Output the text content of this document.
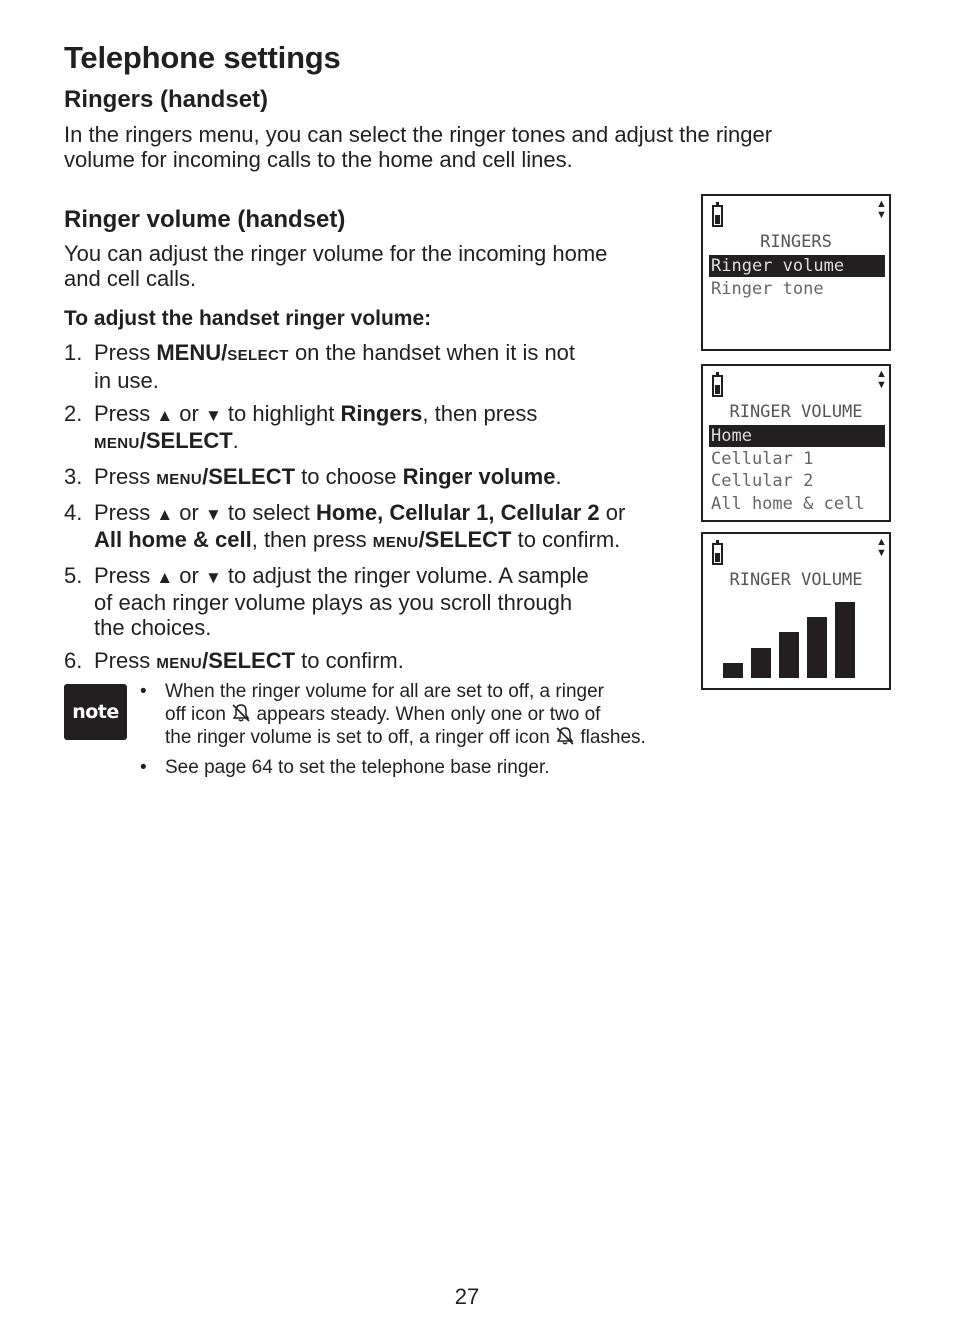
Telephone settings
Ringers (handset)

In the ringers menu, you can select the ringer tones and adjust the ringer
volume for incoming calls to the home and cell lines.

Ringer volume (handset)

You can adjust the ringer volume for the incoming home
and cell calls.

To adjust the handset ringer volume:

1. Press MENU/SELECT on the handset when it is not
in use.
2. Press ▲ or ▼ to highlight Ringers, then press
MENU/SELECT.
3. Press MENU/SELECT to choose Ringer volume.
4. Press ▲ or ▼ to select Home, Cellular 1, Cellular 2 or
All home & cell, then press MENU/SELECT to confirm.
5. Press ▲ or ▼ to adjust the ringer volume. A sample
of each ringer volume plays as you scroll through
the choices.
6. Press MENU/SELECT to confirm.
▲▼
RINGERS
Ringer volume
Ringer tone
▲▼
RINGER VOLUME
Home
Cellular 1
Cellular 2
All home & cell
▲▼
RINGER VOLUME
note
• When the ringer volume for all are set to off, a ringer
off icon  appears steady. When only one or two of
the ringer volume is set to off, a ringer off icon  flashes.
• See page 64 to set the telephone base ringer.
27
